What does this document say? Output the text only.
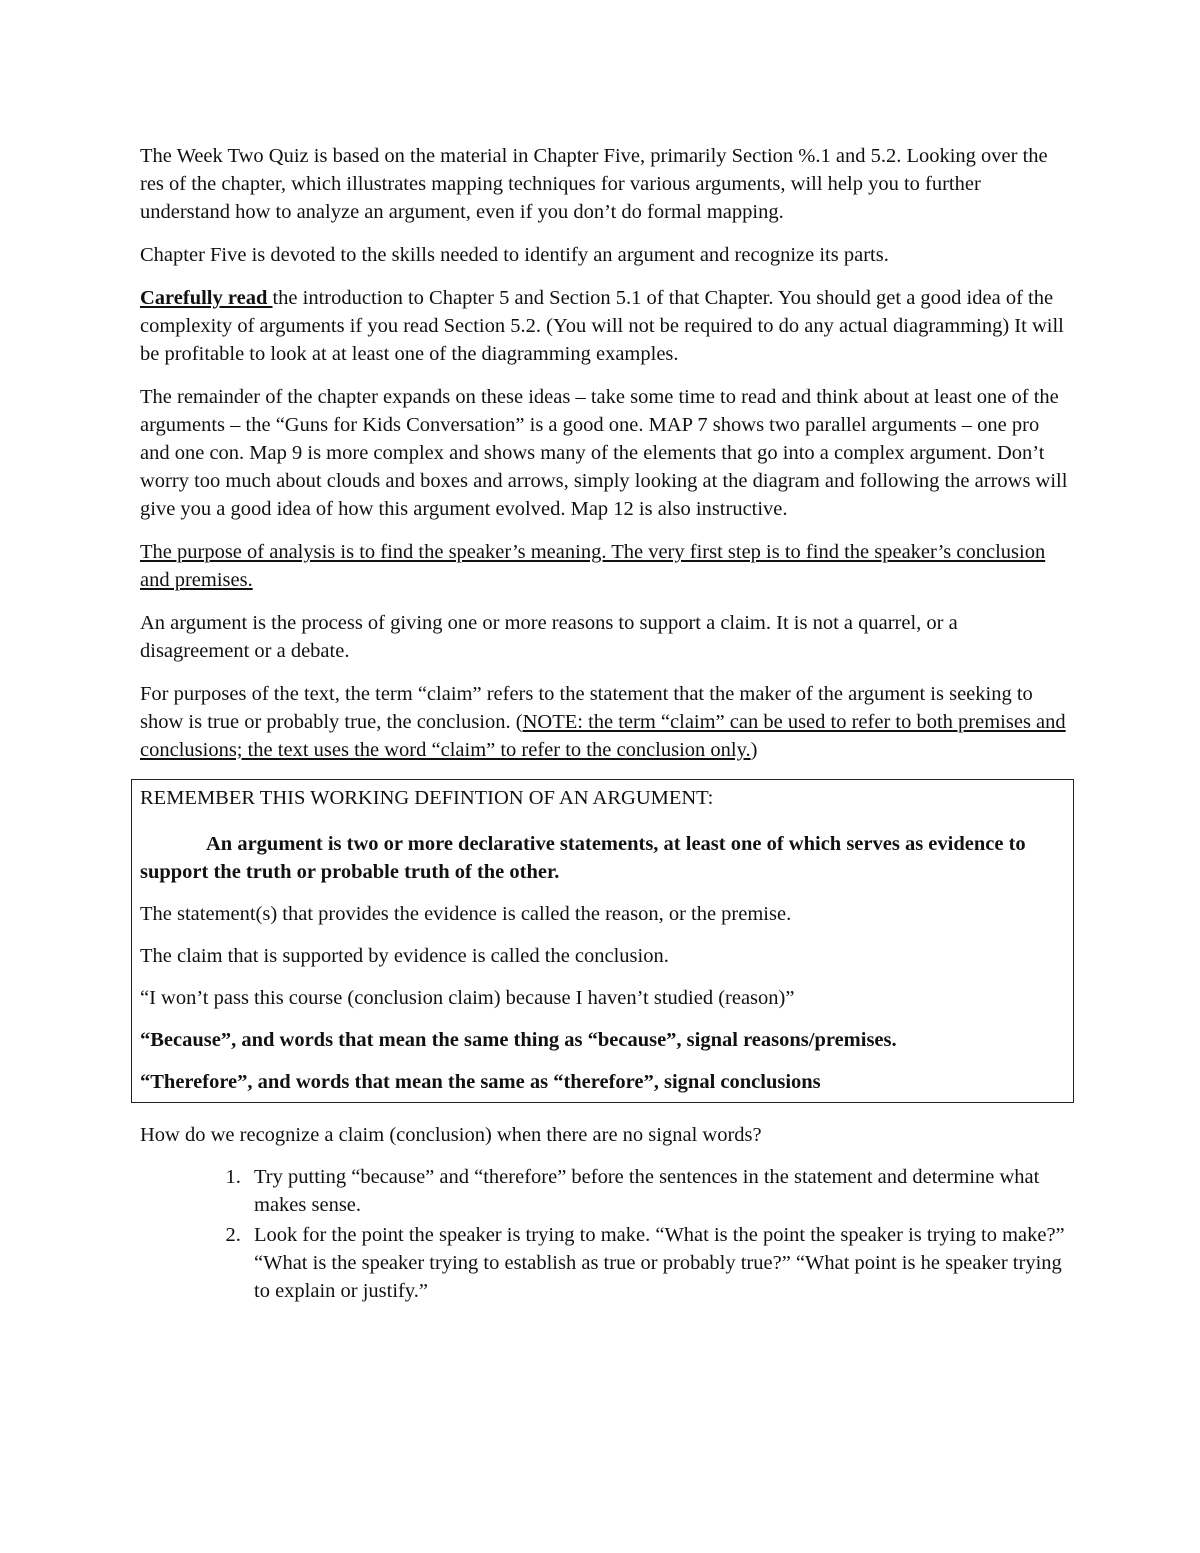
The Week Two Quiz is based on the material in Chapter Five, primarily Section %.1 and 5.2. Looking over the res of the chapter, which illustrates mapping techniques for various arguments, will help you to further understand how to analyze an argument, even if you don’t do formal mapping.

Chapter Five is devoted to the skills needed to identify an argument and recognize its parts.

Carefully read the introduction to Chapter 5 and Section 5.1 of that Chapter. You should get a good idea of the complexity of arguments if you read Section 5.2. (You will not be required to do any actual diagramming) It will be profitable to look at at least one of the diagramming examples.

The remainder of the chapter expands on these ideas – take some time to read and think about at least one of the arguments – the “Guns for Kids Conversation” is a good one. MAP 7 shows two parallel arguments – one pro and one con. Map 9 is more complex and shows many of the elements that go into a complex argument. Don’t worry too much about clouds and boxes and arrows, simply looking at the diagram and following the arrows will give you a good idea of how this argument evolved. Map 12 is also instructive.

The purpose of analysis is to find the speaker’s meaning. The very first step is to find the speaker’s conclusion and premises.

An argument is the process of giving one or more reasons to support a claim. It is not a quarrel, or a disagreement or a debate.

For purposes of the text, the term “claim” refers to the statement that the maker of the argument is seeking to show is true or probably true, the conclusion. (NOTE: the term “claim” can be used to refer to both premises and conclusions; the text uses the word “claim” to refer to the conclusion only.)

REMEMBER THIS WORKING DEFINTION OF AN ARGUMENT:

An argument is two or more declarative statements, at least one of which serves as evidence to support the truth or probable truth of the other.

The statement(s) that provides the evidence is called the reason, or the premise.

The claim that is supported by evidence is called the conclusion.

“I won’t pass this course (conclusion claim) because I haven’t studied (reason)”

“Because”, and words that mean the same thing as “because”, signal reasons/premises.

“Therefore”, and words that mean the same as “therefore”, signal conclusions

How do we recognize a claim (conclusion) when there are no signal words?

1. Try putting “because” and “therefore” before the sentences in the statement and determine what makes sense.
2. Look for the point the speaker is trying to make. “What is the point the speaker is trying to make?” “What is the speaker trying to establish as true or probably true?” “What point is he speaker trying to explain or justify.”
